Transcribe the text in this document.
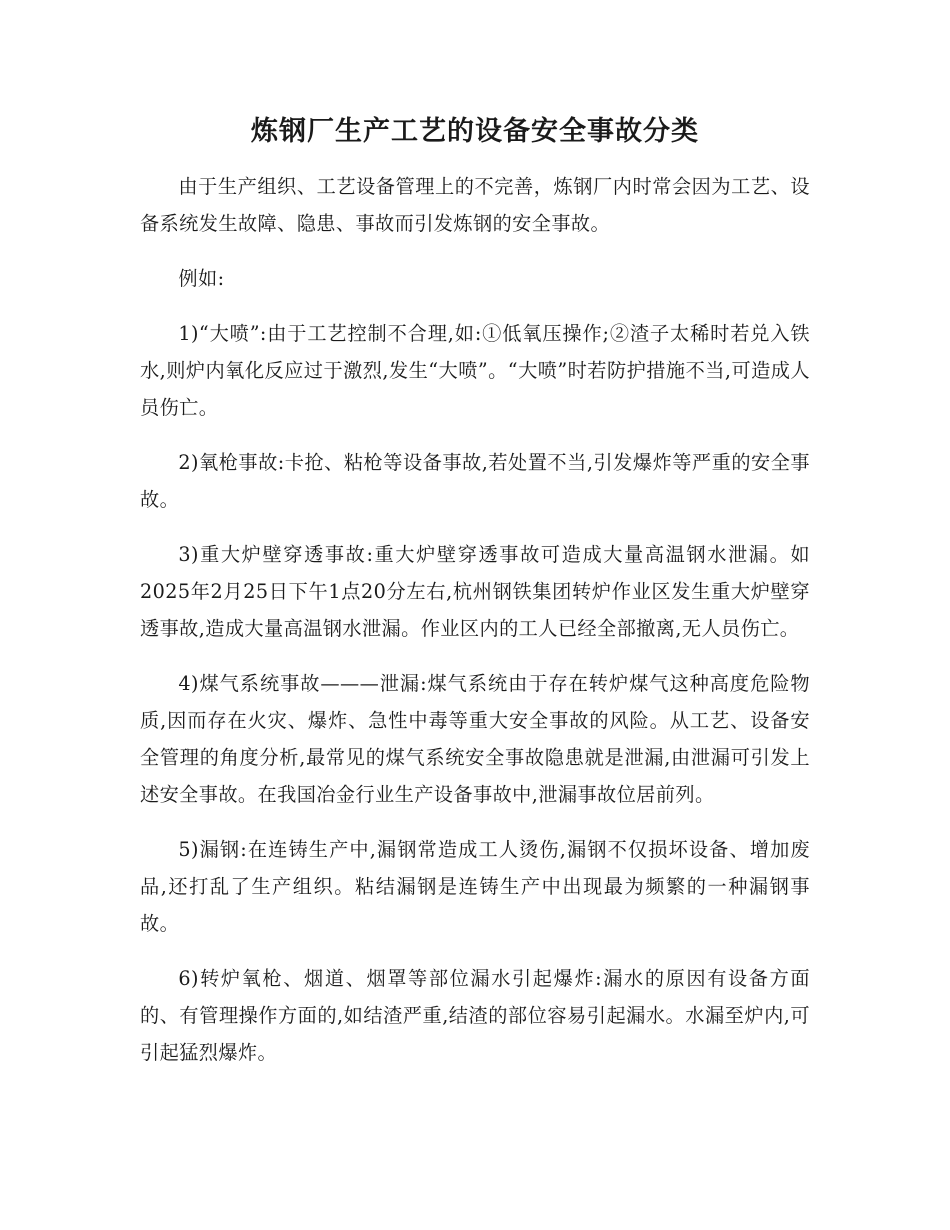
炼钢厂生产工艺的设备安全事故分类

由于生产组织、工艺设备管理上的不完善，炼钢厂内时常会因为工艺、设备系统发生故障、隐患、事故而引发炼钢的安全事故。

例如:

1)“大喷”:由于工艺控制不合理,如:①低氧压操作;②渣子太稀时若兑入铁水,则炉内氧化反应过于激烈,发生“大喷”。“大喷”时若防护措施不当,可造成人员伤亡。

2)氧枪事故:卡抢、粘枪等设备事故,若处置不当,引发爆炸等严重的安全事故。

3)重大炉壁穿透事故:重大炉壁穿透事故可造成大量高温钢水泄漏。如2025年2月25日下午1点20分左右,杭州钢铁集团转炉作业区发生重大炉壁穿透事故,造成大量高温钢水泄漏。作业区内的工人已经全部撤离,无人员伤亡。

4)煤气系统事故———泄漏:煤气系统由于存在转炉煤气这种高度危险物质,因而存在火灾、爆炸、急性中毒等重大安全事故的风险。从工艺、设备安全管理的角度分析,最常见的煤气系统安全事故隐患就是泄漏,由泄漏可引发上述安全事故。在我国冶金行业生产设备事故中,泄漏事故位居前列。

5)漏钢:在连铸生产中,漏钢常造成工人烫伤,漏钢不仅损坏设备、增加废品,还打乱了生产组织。粘结漏钢是连铸生产中出现最为频繁的一种漏钢事故。

6)转炉氧枪、烟道、烟罩等部位漏水引起爆炸:漏水的原因有设备方面的、有管理操作方面的,如结渣严重,结渣的部位容易引起漏水。水漏至炉内,可引起猛烈爆炸。
